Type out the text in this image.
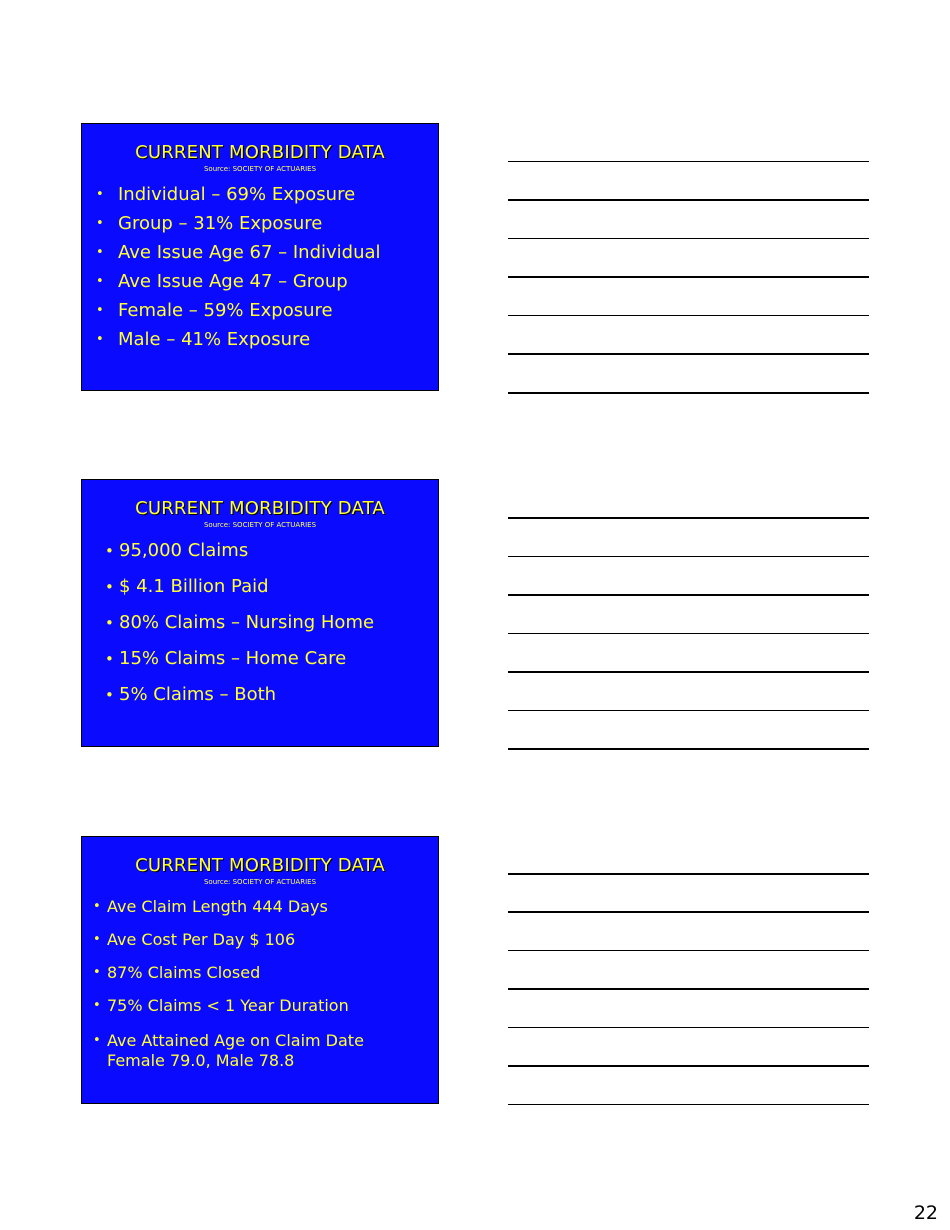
CURRENT MORBIDITY DATA
Source: SOCIETY OF ACTUARIES
• Individual – 69% Exposure
• Group – 31% Exposure
• Ave Issue Age 67 – Individual
• Ave Issue Age 47 – Group
• Female – 59% Exposure
• Male – 41% Exposure
CURRENT MORBIDITY DATA
Source: SOCIETY OF ACTUARIES
• 95,000 Claims
• $ 4.1 Billion Paid
• 80% Claims – Nursing Home
• 15% Claims – Home Care
• 5% Claims – Both
CURRENT MORBIDITY DATA
Source: SOCIETY OF ACTUARIES
• Ave Claim Length 444 Days
• Ave Cost Per Day $ 106
• 87% Claims Closed
• 75% Claims < 1 Year Duration
• Ave Attained Age on Claim Date Female 79.0, Male 78.8
22
